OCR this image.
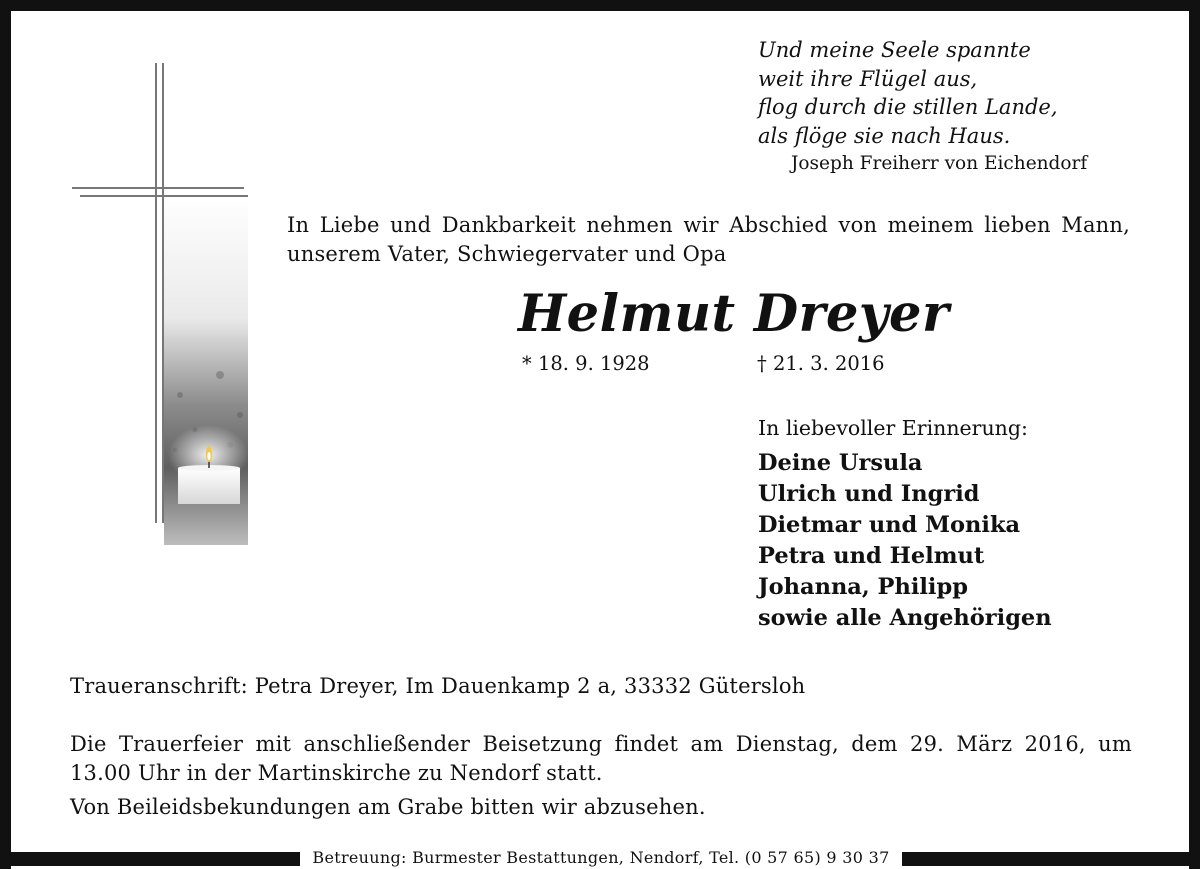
Und meine Seele spannte
weit ihre Flügel aus,
flog durch die stillen Lande,
als flöge sie nach Haus.
Joseph Freiherr von Eichendorf
In Liebe und Dankbarkeit nehmen wir Abschied von meinem lieben Mann, unserem Vater, Schwiegervater und Opa
Helmut Dreyer
* 18. 9. 1928	† 21. 3. 2016
In liebevoller Erinnerung:
Deine Ursula
Ulrich und Ingrid
Dietmar und Monika
Petra und Helmut
Johanna, Philipp
sowie alle Angehörigen
Traueranschrift: Petra Dreyer, Im Dauenkamp 2 a, 33332 Gütersloh
Die Trauerfeier mit anschließender Beisetzung findet am Dienstag, dem 29. März 2016, um 13.00 Uhr in der Martinskirche zu Nendorf statt.
Von Beileidsbekundungen am Grabe bitten wir abzusehen.
Betreuung: Burmester Bestattungen, Nendorf, Tel. (0 57 65) 9 30 37
